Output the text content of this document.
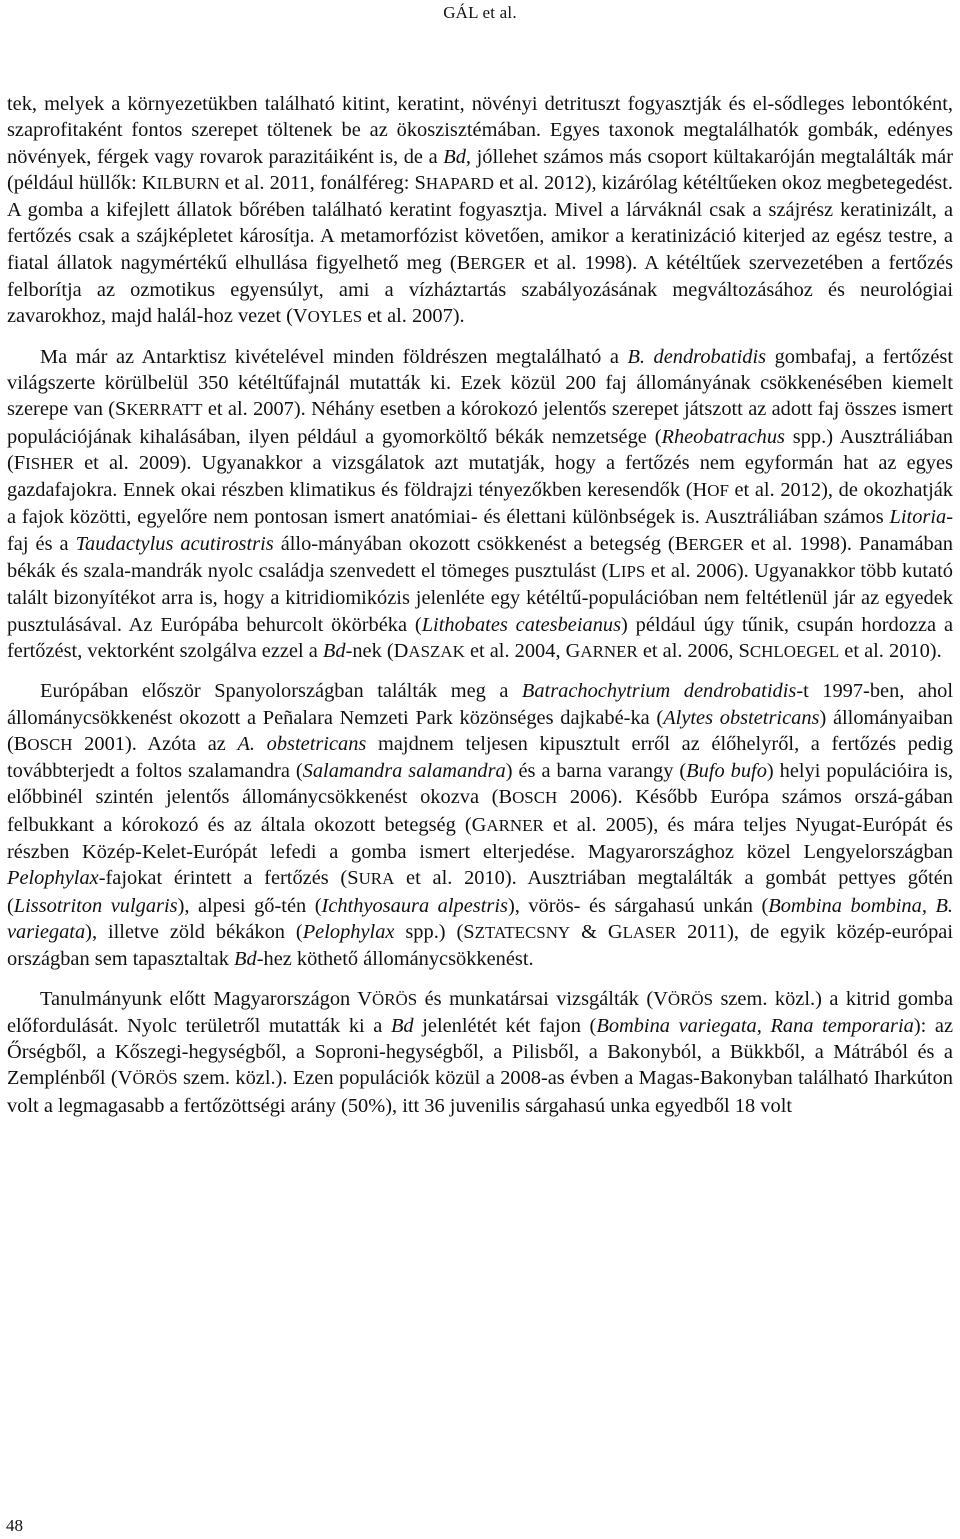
GÁL et al.

tek, melyek a környezetükben található kitint, keratint, növényi detrituszt fogyasztják és el-sődleges lebontóként, szaprofitaként fontos szerepet töltenek be az ökoszisztémában. Egyes taxonok megtalálhatók gombák, edényes növények, férgek vagy rovarok parazitáiként is, de a Bd, jóllehet számos más csoport kültakaróján megtalálták már (például hüllők: KILBURN et al. 2011, fonálféreg: SHAPARD et al. 2012), kizárólag kétéltűeken okoz megbetegedést. A gomba a kifejlett állatok bőrében található keratint fogyasztja. Mivel a lárváknál csak a szájrész keratinizált, a fertőzés csak a szájképletet károsítja. A metamorfózist követően, amikor a keratinizáció kiterjed az egész testre, a fiatal állatok nagymértékű elhullása figyelhető meg (BERGER et al. 1998). A kétéltűek szervezetében a fertőzés felborítja az ozmotikus egyensúlyt, ami a vízháztartás szabályozásának megváltozásához és neurológiai zavarokhoz, majd halál-hoz vezet (VOYLES et al. 2007).

Ma már az Antarktisz kivételével minden földrészen megtalálható a B. dendrobatidis gombafaj, a fertőzést világszerte körülbelül 350 kétéltűfajnál mutatták ki. Ezek közül 200 faj állományának csökkenésében kiemelt szerepe van (SKERRATT et al. 2007). Néhány esetben a kórokozó jelentős szerepet játszott az adott faj összes ismert populációjának kihalásában, ilyen például a gyomorköltő békák nemzetsége (Rheobatrachus spp.) Ausztráliában (FISHER et al. 2009). Ugyanakkor a vizsgálatok azt mutatják, hogy a fertőzés nem egyformán hat az egyes gazdafajokra. Ennek okai részben klimatikus és földrajzi tényezőkben keresendők (HOF et al. 2012), de okozhatják a fajok közötti, egyelőre nem pontosan ismert anatómiai- és élettani különbségek is. Ausztráliában számos Litoria-faj és a Taudactylus acutirostris állo-mányában okozott csökkenést a betegség (BERGER et al. 1998). Panamában békák és szala-mandrák nyolc családja szenvedett el tömeges pusztulást (LIPS et al. 2006). Ugyanakkor több kutató talált bizonyítékot arra is, hogy a kitridiomikózis jelenléte egy kétéltű-populációban nem feltétlenül jár az egyedek pusztulásával. Az Európába behurcolt ökörbéka (Lithobates catesbeianus) például úgy tűnik, csupán hordozza a fertőzést, vektorként szolgálva ezzel a Bd-nek (DASZAK et al. 2004, GARNER et al. 2006, SCHLOEGEL et al. 2010).

Európában először Spanyolországban találták meg a Batrachochytrium dendrobatidis-t 1997-ben, ahol állománycsökkenést okozott a Peñalara Nemzeti Park közönséges dajkabé-ka (Alytes obstetricans) állományaiban (BOSCH 2001). Azóta az A. obstetricans majdnem teljesen kipusztult erről az élőhelyről, a fertőzés pedig továbbterjedt a foltos szalamandra (Salamandra salamandra) és a barna varangy (Bufo bufo) helyi populációira is, előbbinél szintén jelentős állománycsökkenést okozva (BOSCH 2006). Később Európa számos orszá-gában felbukkant a kórokozó és az általa okozott betegség (GARNER et al. 2005), és mára teljes Nyugat-Európát és részben Közép-Kelet-Európát lefedi a gomba ismert elterjedése. Magyarországhoz közel Lengyelországban Pelophylax-fajokat érintett a fertőzés (SURA et al. 2010). Ausztriában megtalálták a gombát pettyes gőtén (Lissotriton vulgaris), alpesi gő-tén (Ichthyosaura alpestris), vörös- és sárgahasú unkán (Bombina bombina, B. variegata), illetve zöld békákon (Pelophylax spp.) (SZTATECSNY & GLASER 2011), de egyik közép-európai országban sem tapasztaltak Bd-hez köthető állománycsökkenést.

Tanulmányunk előtt Magyarországon VÖRÖS és munkatársai vizsgálták (VÖRÖS szem. közl.) a kitrid gomba előfordulását. Nyolc területről mutatták ki a Bd jelenlétét két fajon (Bombina variegata, Rana temporaria): az Őrségből, a Kőszegi-hegységből, a Soproni-hegységből, a Pilisből, a Bakonyból, a Bükkből, a Mátrából és a Zemplénből (VÖRÖS szem. közl.). Ezen populációk közül a 2008-as évben a Magas-Bakonyban található Iharkúton volt a legmagasabb a fertőzöttségi arány (50%), itt 36 juvenilis sárgahasú unka egyedből 18 volt

48
